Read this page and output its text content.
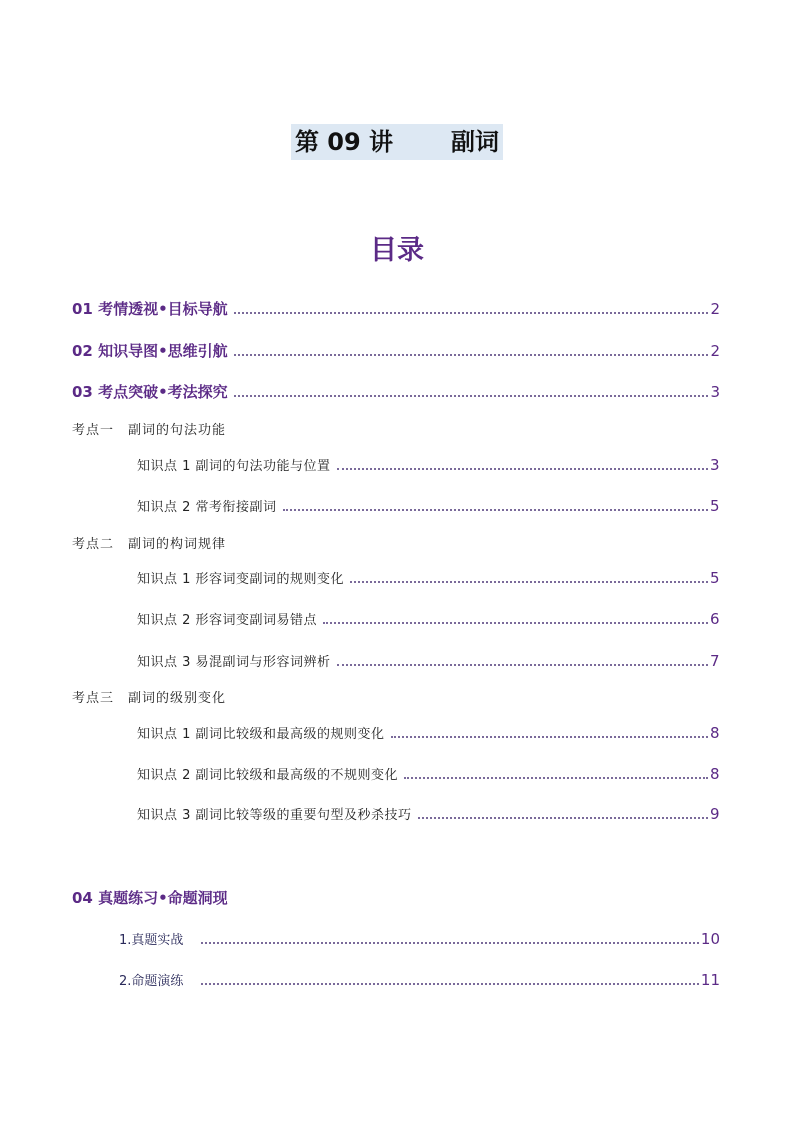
第 09 讲 副词
目录
01 考情透视•目标导航	2
02 知识导图•思维引航	2
03 考点突破•考法探究	3
考点一 副词的句法功能
知识点 1 副词的句法功能与位置	3
知识点 2 常考衔接副词	5
考点二 副词的构词规律
知识点 1 形容词变副词的规则变化	5
知识点 2 形容词变副词易错点	6
知识点 3 易混副词与形容词辨析	7
考点三 副词的级别变化
知识点 1 副词比较级和最高级的规则变化	8
知识点 2 副词比较级和最高级的不规则变化	8
知识点 3 副词比较等级的重要句型及秒杀技巧	9
04 真题练习•命题洞现
1.真题实战	10
2.命题演练	11
